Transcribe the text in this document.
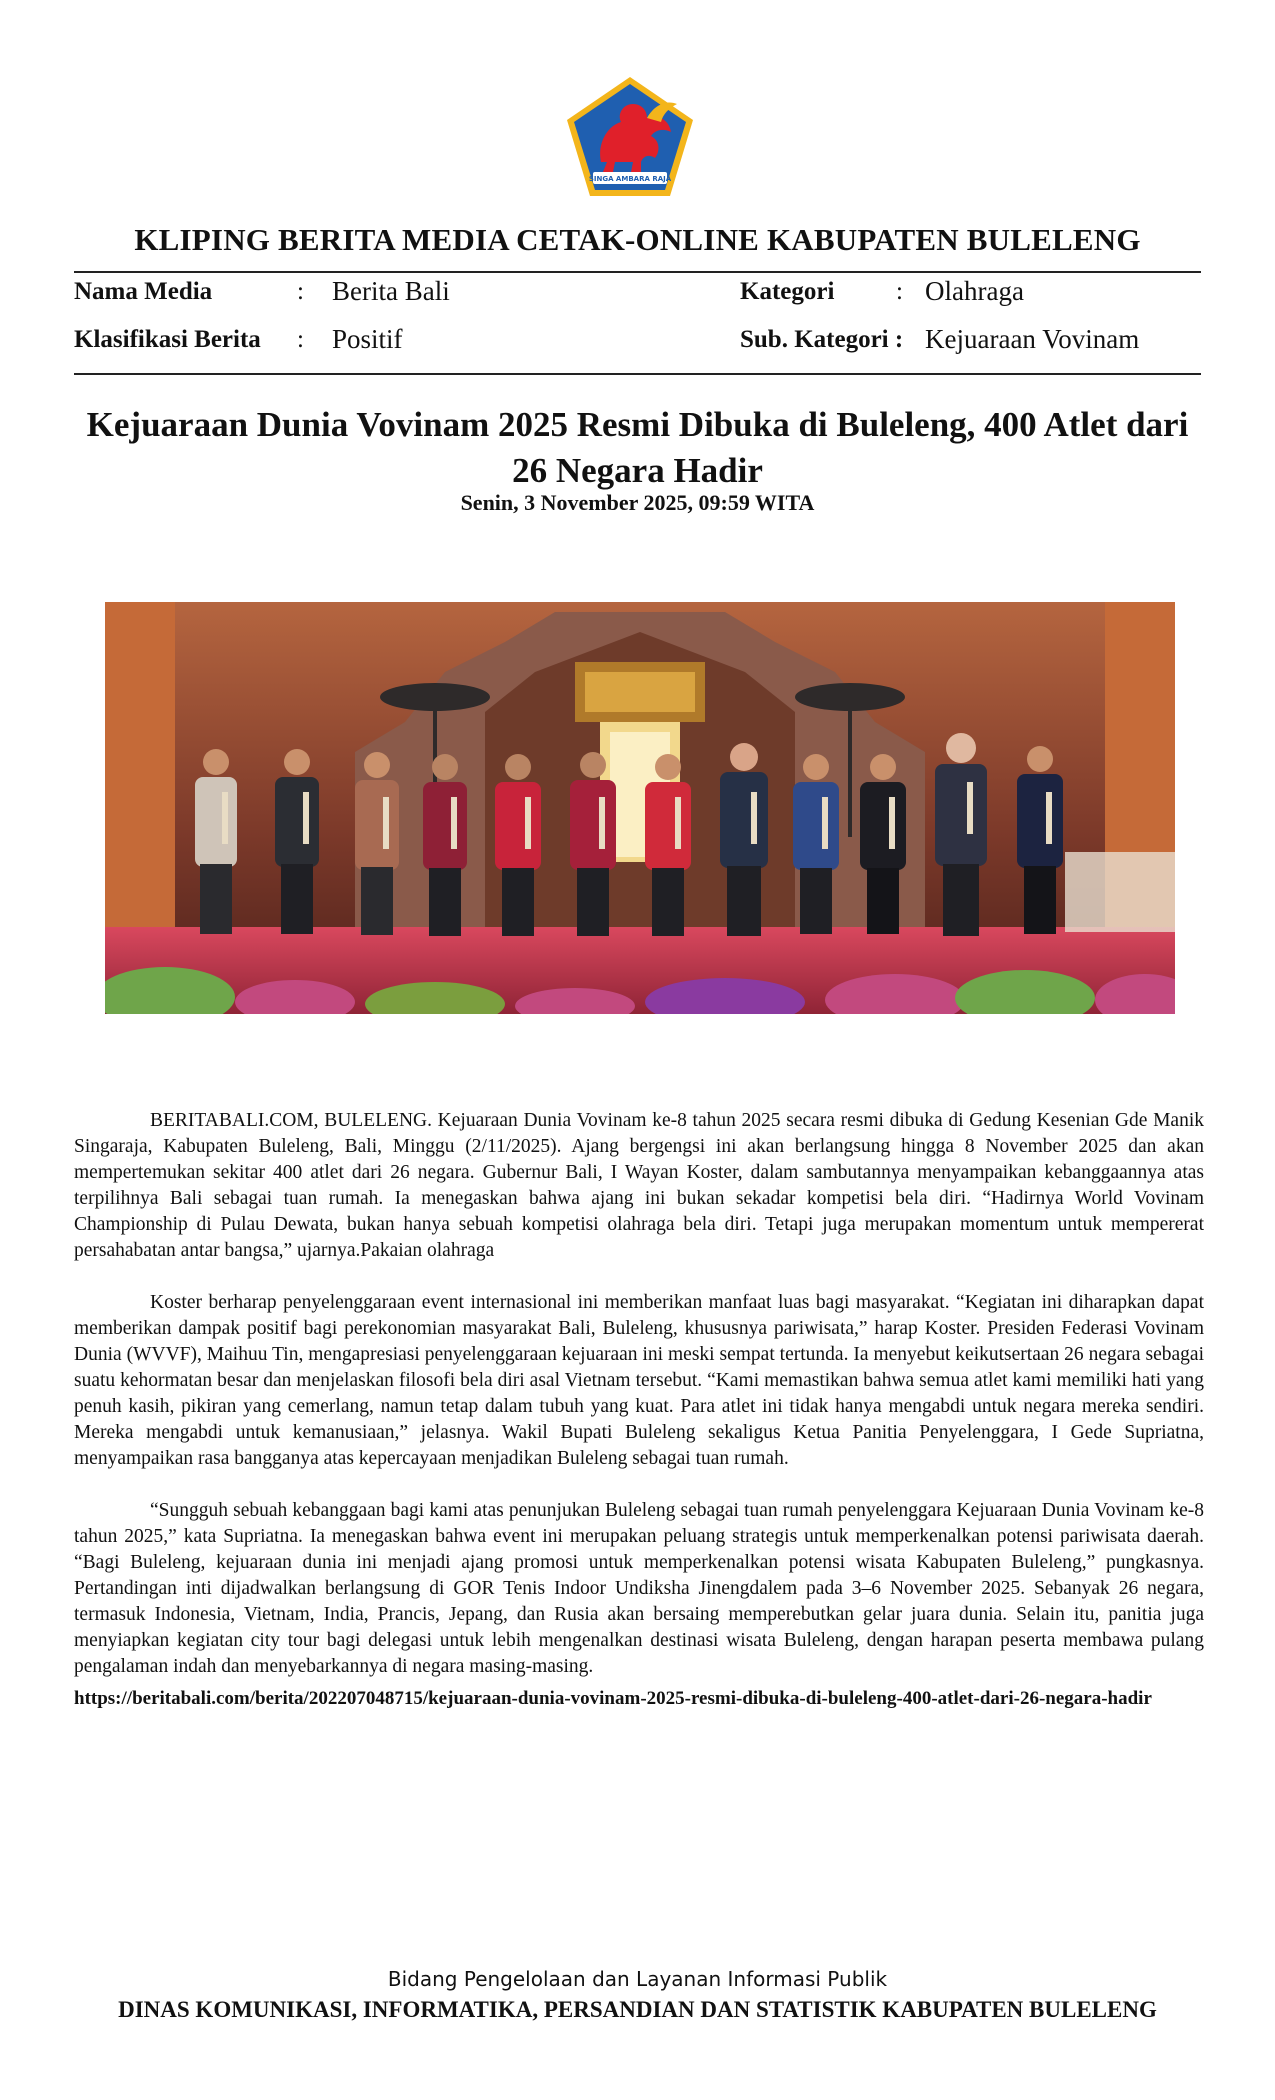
SINGA AMBARA RAJA
KLIPING BERITA MEDIA CETAK-ONLINE KABUPATEN BULELENG
Nama Media	: Berita Bali
Klasifikasi Berita : Positif
Kategori : Olahraga
Sub. Kategori : Kejuaraan Vovinam
Kejuaraan Dunia Vovinam 2025 Resmi Dibuka di Buleleng, 400 Atlet dari 26 Negara Hadir
Senin, 3 November 2025, 09:59 WITA

BERITABALI.COM, BULELENG. Kejuaraan Dunia Vovinam ke-8 tahun 2025 secara resmi dibuka di Gedung Kesenian Gde Manik Singaraja, Kabupaten Buleleng, Bali, Minggu (2/11/2025). Ajang bergengsi ini akan berlangsung hingga 8 November 2025 dan akan mempertemukan sekitar 400 atlet dari 26 negara. Gubernur Bali, I Wayan Koster, dalam sambutannya menyampaikan kebanggaannya atas terpilihnya Bali sebagai tuan rumah. Ia menegaskan bahwa ajang ini bukan sekadar kompetisi bela diri. “Hadirnya World Vovinam Championship di Pulau Dewata, bukan hanya sebuah kompetisi olahraga bela diri. Tetapi juga merupakan momentum untuk mempererat persahabatan antar bangsa,” ujarnya.Pakaian olahraga

Koster berharap penyelenggaraan event internasional ini memberikan manfaat luas bagi masyarakat. “Kegiatan ini diharapkan dapat memberikan dampak positif bagi perekonomian masyarakat Bali, Buleleng, khususnya pariwisata,” harap Koster. Presiden Federasi Vovinam Dunia (WVVF), Maihuu Tin, mengapresiasi penyelenggaraan kejuaraan ini meski sempat tertunda. Ia menyebut keikutsertaan 26 negara sebagai suatu kehormatan besar dan menjelaskan filosofi bela diri asal Vietnam tersebut. “Kami memastikan bahwa semua atlet kami memiliki hati yang penuh kasih, pikiran yang cemerlang, namun tetap dalam tubuh yang kuat. Para atlet ini tidak hanya mengabdi untuk negara mereka sendiri. Mereka mengabdi untuk kemanusiaan,” jelasnya. Wakil Bupati Buleleng sekaligus Ketua Panitia Penyelenggara, I Gede Supriatna, menyampaikan rasa bangganya atas kepercayaan menjadikan Buleleng sebagai tuan rumah.

“Sungguh sebuah kebanggaan bagi kami atas penunjukan Buleleng sebagai tuan rumah penyelenggara Kejuaraan Dunia Vovinam ke-8 tahun 2025,” kata Supriatna. Ia menegaskan bahwa event ini merupakan peluang strategis untuk memperkenalkan potensi pariwisata daerah. “Bagi Buleleng, kejuaraan dunia ini menjadi ajang promosi untuk memperkenalkan potensi wisata Kabupaten Buleleng,” pungkasnya. Pertandingan inti dijadwalkan berlangsung di GOR Tenis Indoor Undiksha Jinengdalem pada 3–6 November 2025. Sebanyak 26 negara, termasuk Indonesia, Vietnam, India, Prancis, Jepang, dan Rusia akan bersaing memperebutkan gelar juara dunia. Selain itu, panitia juga menyiapkan kegiatan city tour bagi delegasi untuk lebih mengenalkan destinasi wisata Buleleng, dengan harapan peserta membawa pulang pengalaman indah dan menyebarkannya di negara masing-masing.

https://beritabali.com/berita/202207048715/kejuaraan-dunia-vovinam-2025-resmi-dibuka-di-buleleng-400-atlet-dari-26-negara-hadir
Bidang Pengelolaan dan Layanan Informasi Publik
DINAS KOMUNIKASI, INFORMATIKA, PERSANDIAN DAN STATISTIK KABUPATEN BULELENG
